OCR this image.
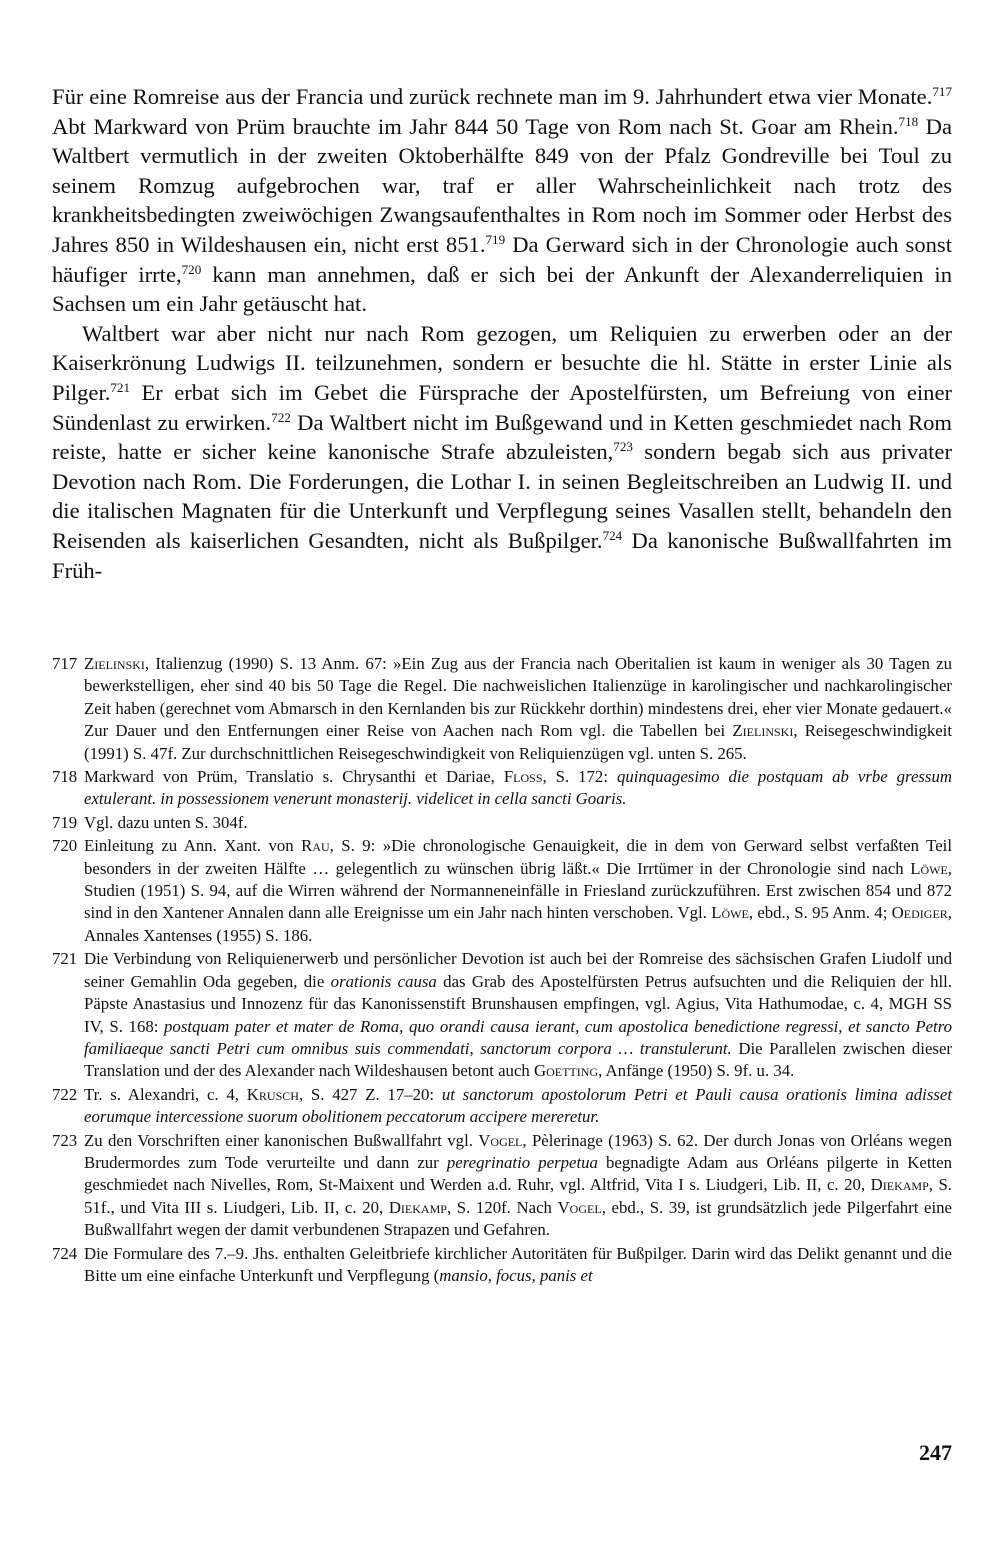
Für eine Romreise aus der Francia und zurück rechnete man im 9. Jahrhundert etwa vier Monate.$^{717}$ Abt Markward von Prüm brauchte im Jahr 844 50 Tage von Rom nach St. Goar am Rhein.$^{718}$ Da Waltbert vermutlich in der zweiten Oktoberhälfte 849 von der Pfalz Gondreville bei Toul zu seinem Romzug aufgebrochen war, traf er aller Wahrscheinlichkeit nach trotz des krankheitsbedingten zweiwöchigen Zwangsaufenthaltes in Rom noch im Sommer oder Herbst des Jahres 850 in Wildeshausen ein, nicht erst 851.$^{719}$ Da Gerward sich in der Chronologie auch sonst häufiger irrte,$^{720}$ kann man annehmen, daß er sich bei der Ankunft der Alexanderreliquien in Sachsen um ein Jahr getäuscht hat.

Waltbert war aber nicht nur nach Rom gezogen, um Reliquien zu erwerben oder an der Kaiserkrönung Ludwigs II. teilzunehmen, sondern er besuchte die hl. Stätte in erster Linie als Pilger.$^{721}$ Er erbat sich im Gebet die Fürsprache der Apostelfürsten, um Befreiung von einer Sündenlast zu erwirken.$^{722}$ Da Waltbert nicht im Bußgewand und in Ketten geschmiedet nach Rom reiste, hatte er sicher keine kanonische Strafe abzuleisten,$^{723}$ sondern begab sich aus privater Devotion nach Rom. Die Forderungen, die Lothar I. in seinen Begleitschreiben an Ludwig II. und die italischen Magnaten für die Unterkunft und Verpflegung seines Vasallen stellt, behandeln den Reisenden als kaiserlichen Gesandten, nicht als Bußpilger.$^{724}$ Da kanonische Bußwallfahrten im Früh-

717 Zielinski, Italienzug (1990) S. 13 Anm. 67: »Ein Zug aus der Francia nach Oberitalien ist kaum in weniger als 30 Tagen zu bewerkstelligen, eher sind 40 bis 50 Tage die Regel. Die nachweislichen Italienzüge in karolingischer und nachkarolingischer Zeit haben (gerechnet vom Abmarsch in den Kernlanden bis zur Rückkehr dorthin) mindestens drei, eher vier Monate gedauert.« Zur Dauer und den Entfernungen einer Reise von Aachen nach Rom vgl. die Tabellen bei Zielinski, Reisegeschwindigkeit (1991) S. 47f. Zur durchschnittlichen Reisegeschwindigkeit von Reliquienzügen vgl. unten S. 265.
718 Markward von Prüm, Translatio s. Chrysanthi et Dariae, Floss, S. 172: quinquagesimo die postquam ab vrbe gressum extulerant. in possessionem venerunt monasterij. videlicet in cella sancti Goaris.
719 Vgl. dazu unten S. 304f.
720 Einleitung zu Ann. Xant. von Rau, S. 9: »Die chronologische Genauigkeit, die in dem von Gerward selbst verfaßten Teil besonders in der zweiten Hälfte … gelegentlich zu wünschen übrig läßt.« Die Irrtümer in der Chronologie sind nach Löwe, Studien (1951) S. 94, auf die Wirren während der Normanneneinfälle in Friesland zurückzuführen. Erst zwischen 854 und 872 sind in den Xantener Annalen dann alle Ereignisse um ein Jahr nach hinten verschoben. Vgl. Löwe, ebd., S. 95 Anm. 4; Oediger, Annales Xantenses (1955) S. 186.
721 Die Verbindung von Reliquienerwerb und persönlicher Devotion ist auch bei der Romreise des sächsischen Grafen Liudolf und seiner Gemahlin Oda gegeben, die orationis causa das Grab des Apostelfürsten Petrus aufsuchten und die Reliquien der hll. Päpste Anastasius und Innozenz für das Kanonissenstift Brunshausen empfingen, vgl. Agius, Vita Hathumodae, c. 4, MGH SS IV, S. 168: postquam pater et mater de Roma, quo orandi causa ierant, cum apostolica benedictione regressi, et sancto Petro familiaeque sancti Petri cum omnibus suis commendati, sanctorum corpora … transtulerunt. Die Parallelen zwischen dieser Translation und der des Alexander nach Wildeshausen betont auch Goetting, Anfänge (1950) S. 9f. u. 34.
722 Tr. s. Alexandri, c. 4, Krusch, S. 427 Z. 17–20: ut sanctorum apostolorum Petri et Pauli causa orationis limina adisset eorumque intercessione suorum obolitionem peccatorum accipere mereretur.
723 Zu den Vorschriften einer kanonischen Bußwallfahrt vgl. Vogel, Pèlerinage (1963) S. 62. Der durch Jonas von Orléans wegen Brudermordes zum Tode verurteilte und dann zur peregrinatio perpetua begnadigte Adam aus Orléans pilgerte in Ketten geschmiedet nach Nivelles, Rom, St-Maixent und Werden a.d. Ruhr, vgl. Altfrid, Vita I s. Liudgeri, Lib. II, c. 20, Diekamp, S. 51f., und Vita III s. Liudgeri, Lib. II, c. 20, Diekamp, S. 120f. Nach Vogel, ebd., S. 39, ist grundsätzlich jede Pilgerfahrt eine Bußwallfahrt wegen der damit verbundenen Strapazen und Gefahren.
724 Die Formulare des 7.–9. Jhs. enthalten Geleitbriefe kirchlicher Autoritäten für Bußpilger. Darin wird das Delikt genannt und die Bitte um eine einfache Unterkunft und Verpflegung (mansio, focus, panis et
247
